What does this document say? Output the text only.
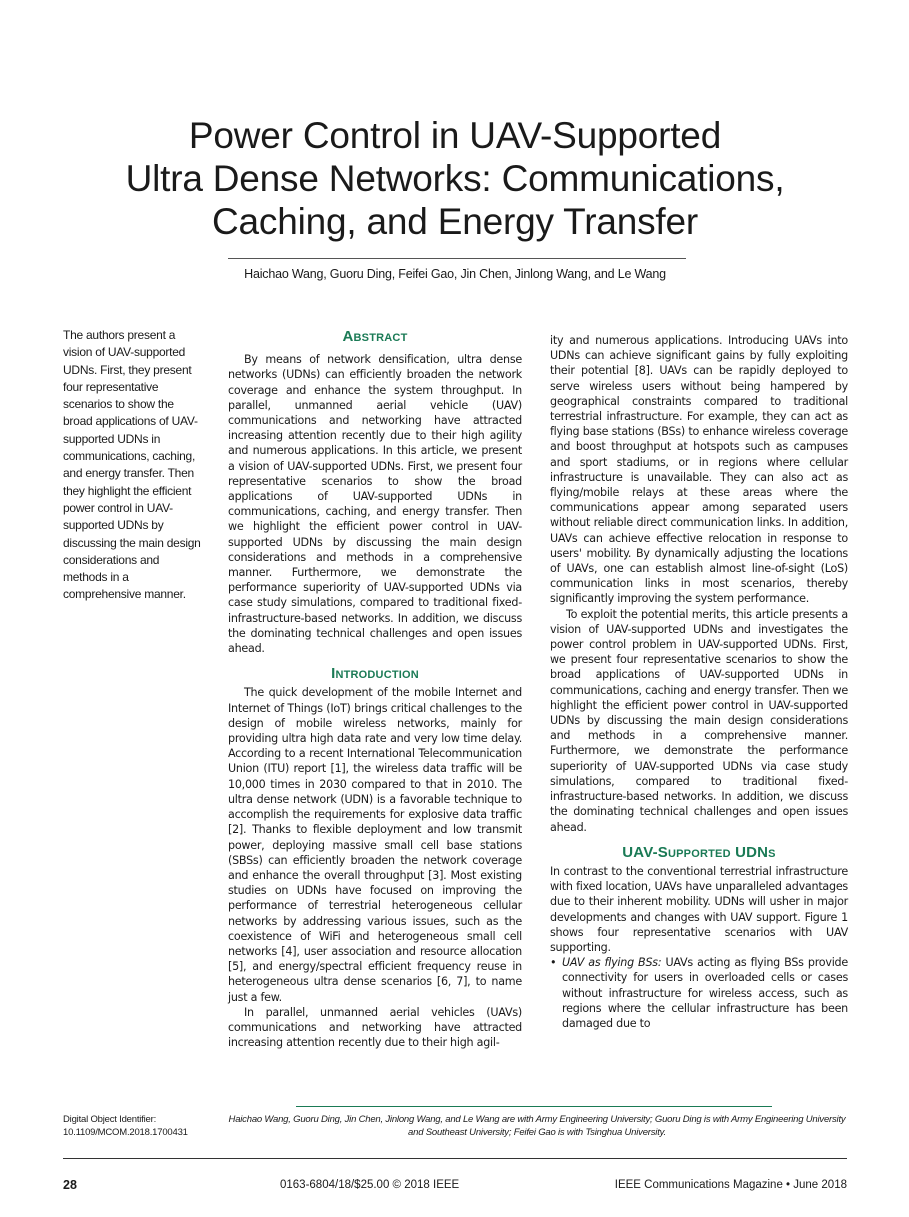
Power Control in UAV-Supported
Ultra Dense Networks: Communications,
Caching, and Energy Transfer
Haichao Wang, Guoru Ding, Feifei Gao, Jin Chen, Jinlong Wang, and Le Wang
The authors present a vision of UAV-supported UDNs. First, they present four representative scenarios to show the broad applications of UAV-supported UDNs in communications, caching, and energy transfer. Then they highlight the efficient power control in UAV-supported UDNs by discussing the main design considerations and methods in a comprehensive manner.
Abstract

By means of network densification, ultra dense networks (UDNs) can efficiently broaden the network coverage and enhance the system throughput. In parallel, unmanned aerial vehicle (UAV) communications and networking have attracted increasing attention recently due to their high agility and numerous applications. In this article, we present a vision of UAV-supported UDNs. First, we present four representative scenarios to show the broad applications of UAV-supported UDNs in communications, caching, and energy transfer. Then we highlight the efficient power control in UAV-supported UDNs by discussing the main design considerations and methods in a comprehensive manner. Furthermore, we demonstrate the performance superiority of UAV-supported UDNs via case study simulations, compared to traditional fixed-infrastructure-based networks. In addition, we discuss the dominating technical challenges and open issues ahead.

Introduction

The quick development of the mobile Internet and Internet of Things (IoT) brings critical challenges to the design of mobile wireless networks, mainly for providing ultra high data rate and very low time delay. According to a recent International Telecommunication Union (ITU) report [1], the wireless data traffic will be 10,000 times in 2030 compared to that in 2010. The ultra dense network (UDN) is a favorable technique to accomplish the requirements for explosive data traffic [2]. Thanks to flexible deployment and low transmit power, deploying massive small cell base stations (SBSs) can efficiently broaden the network coverage and enhance the overall throughput [3]. Most existing studies on UDNs have focused on improving the performance of terrestrial heterogeneous cellular networks by addressing various issues, such as the coexistence of WiFi and heterogeneous small cell networks [4], user association and resource allocation [5], and energy/spectral efficient frequency reuse in heterogeneous ultra dense scenarios [6, 7], to name just a few.

In parallel, unmanned aerial vehicles (UAVs) communications and networking have attracted increasing attention recently due to their high agil-

ity and numerous applications. Introducing UAVs into UDNs can achieve significant gains by fully exploiting their potential [8]. UAVs can be rapidly deployed to serve wireless users without being hampered by geographical constraints compared to traditional terrestrial infrastructure. For example, they can act as flying base stations (BSs) to enhance wireless coverage and boost throughput at hotspots such as campuses and sport stadiums, or in regions where cellular infrastructure is unavailable. They can also act as flying/mobile relays at these areas where the communications appear among separated users without reliable direct communication links. In addition, UAVs can achieve effective relocation in response to users' mobility. By dynamically adjusting the locations of UAVs, one can establish almost line-of-sight (LoS) communication links in most scenarios, thereby significantly improving the system performance.

To exploit the potential merits, this article presents a vision of UAV-supported UDNs and investigates the power control problem in UAV-supported UDNs. First, we present four representative scenarios to show the broad applications of UAV-supported UDNs in communications, caching and energy transfer. Then we highlight the efficient power control in UAV-supported UDNs by discussing the main design considerations and methods in a comprehensive manner. Furthermore, we demonstrate the performance superiority of UAV-supported UDNs via case study simulations, compared to traditional fixed-infrastructure-based networks. In addition, we discuss the dominating technical challenges and open issues ahead.

UAV-Supported UDNs

In contrast to the conventional terrestrial infrastructure with fixed location, UAVs have unparalleled advantages due to their inherent mobility. UDNs will usher in major developments and changes with UAV support. Figure 1 shows four representative scenarios with UAV supporting.

• UAV as flying BSs: UAVs acting as flying BSs provide connectivity for users in overloaded cells or cases without infrastructure for wireless access, such as regions where the cellular infrastructure has been damaged due to
Digital Object Identifier:
10.1109/MCOM.2018.1700431
Haichao Wang, Guoru Ding, Jin Chen, Jinlong Wang, and Le Wang are with Army Engineering University; Guoru Ding is with Army Engineering University and Southeast University; Feifei Gao is with Tsinghua University.
28	0163-6804/18/$25.00 © 2018 IEEE	IEEE Communications Magazine • June 2018
